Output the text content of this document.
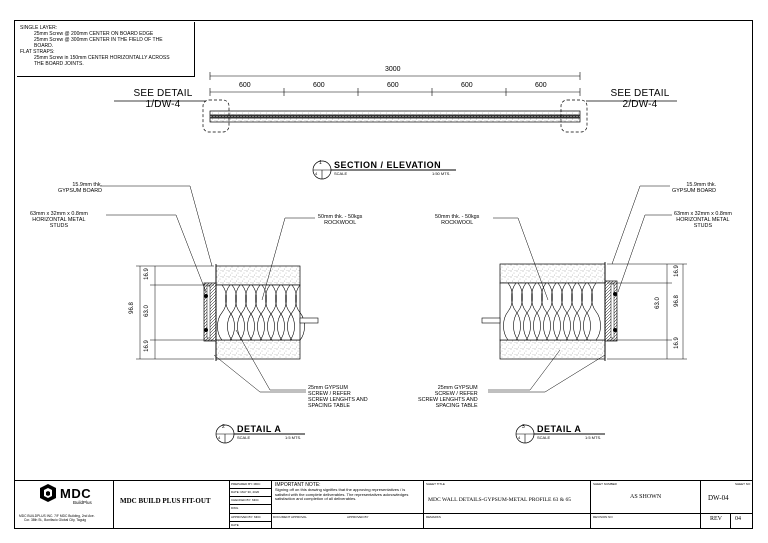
SINGLE LAYER:
25mm Screw @ 200mm CENTER ON BOARD EDGE
25mm Screw @ 300mm CENTER IN THE FIELD OF THE
BOARD.
FLAT STRAPS:
25mm Screw in 150mm CENTER HORIZONTALLY ACROSS
THE BOARD JOINTS.
SEE DETAIL
1/DW-4
SEE DETAIL
2/DW-4
3000
600	600	600	600	600
1
4
SECTION / ELEVATION
SCALE	1:50 MTS.
15.9mm thk.
GYPSUM BOARD
63mm x 32mm x 0.8mm
HORIZONTAL METAL
STUDS
50mm thk. - 50kgs
ROCKWOOL
25mm GYPSUM
SCREW / REFER
SCREW LENGHTS AND
SPACING TABLE
96.8 63.0
16.9
16.9
2
4
DETAIL A
SCALE	1:5 MTS.
15.9mm thk.
GYPSUM BOARD
63mm x 32mm x 0.8mm
HORIZONTAL METAL
STUDS
50mm thk. - 50kgs
ROCKWOOL
25mm GYPSUM
SCREW / REFER
SCREW LENGHTS AND
SPACING TABLE
96.8
63.0
16.9
16.9
3
4
DETAIL A
SCALE	1:5 MTS.
MDC
BuildPlus
MDC BUILDPLUS INC. 7/F MDC Building, 2nd Ave.
Cor. 38th St., Bonifacio Global City, Taguig
MDC BUILD PLUS FIT-OUT
PREPARED BY: MDC
DATE: MAY 30, 2020
CHECKED BY: MDC
DWG
APPROVED BY: MDC
DATE
IMPORTANT NOTE:
Signing off on this drawing signifies that the approving representatives / is satisfied with the complete deliverables. The representatives acknowledges satisfaction and completion of all deliverables.
DOCUMENT APPROVAL	APPROVED BY
SHEET TITLE
MDC WALL DETAILS-GYPSUM-METAL PROFILE 63 & 65
REMARKS
SHEET NUMBER
AS SHOWN
REVISION NO
SHEET NO
DW-04
REV 04
